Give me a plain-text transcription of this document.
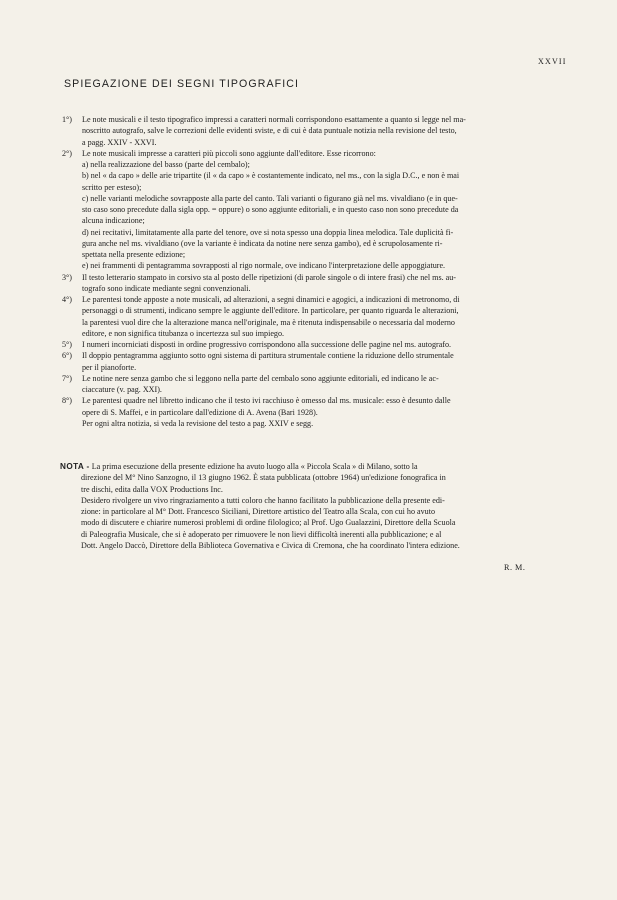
XXVII
SPIEGAZIONE DEI SEGNI TIPOGRAFICI
1°) Le note musicali e il testo tipografico impressi a caratteri normali corrispondono esattamente a quanto si legge nel ma-

noscritto autografo, salve le correzioni delle evidenti sviste, e di cui è data puntuale notizia nella revisione del testo,

a pagg. XXIV - XXVI.

2°) Le note musicali impresse a caratteri più piccoli sono aggiunte dall'editore. Esse ricorrono:

a) nella realizzazione del basso (parte del cembalo);

b) nel « da capo » delle arie tripartite (il « da capo » è costantemente indicato, nel ms., con la sigla D.C., e non è mai

scritto per esteso);

c) nelle varianti melodiche sovrapposte alla parte del canto. Tali varianti o figurano già nel ms. vivaldiano (e in que-

sto caso sono precedute dalla sigla opp. = oppure) o sono aggiunte editoriali, e in questo caso non sono precedute da

alcuna indicazione;

d) nei recitativi, limitatamente alla parte del tenore, ove si nota spesso una doppia linea melodica. Tale duplicità fi-

gura anche nel ms. vivaldiano (ove la variante è indicata da notine nere senza gambo), ed è scrupolosamente ri-

spettata nella presente edizione;

e) nei frammenti di pentagramma sovrapposti al rigo normale, ove indicano l'interpretazione delle appoggiature.

3°) Il testo letterario stampato in corsivo sta al posto delle ripetizioni (di parole singole o di intere frasi) che nel ms. au-

tografo sono indicate mediante segni convenzionali.

4°) Le parentesi tonde apposte a note musicali, ad alterazioni, a segni dinamici e agogici, a indicazioni di metronomo, di

personaggi o di strumenti, indicano sempre le aggiunte dell'editore. In particolare, per quanto riguarda le alterazioni,

la parentesi vuol dire che la alterazione manca nell'originale, ma è ritenuta indispensabile o necessaria dal moderno

editore, e non significa titubanza o incertezza sul suo impiego.

5°) I numeri incorniciati disposti in ordine progressivo corrispondono alla successione delle pagine nel ms. autografo.

6°) Il doppio pentagramma aggiunto sotto ogni sistema di partitura strumentale contiene la riduzione dello strumentale

per il pianoforte.

7°) Le notine nere senza gambo che si leggono nella parte del cembalo sono aggiunte editoriali, ed indicano le ac-

ciaccature (v. pag. XXI).

8°) Le parentesi quadre nel libretto indicano che il testo ivi racchiuso è omesso dal ms. musicale: esso è desunto dalle

opere di S. Maffei, e in particolare dall'edizione di A. Avena (Bari 1928).

Per ogni altra notizia, si veda la revisione del testo a pag. XXIV e segg.

NOTA - La prima esecuzione della presente edizione ha avuto luogo alla « Piccola Scala » di Milano, sotto la

direzione del M° Nino Sanzogno, il 13 giugno 1962. È stata pubblicata (ottobre 1964) un'edizione fonografica in

tre dischi, edita dalla VOX Productions Inc.

Desidero rivolgere un vivo ringraziamento a tutti coloro che hanno facilitato la pubblicazione della presente edi-

zione: in particolare al M° Dott. Francesco Siciliani, Direttore artistico del Teatro alla Scala, con cui ho avuto

modo di discutere e chiarire numerosi problemi di ordine filologico; al Prof. Ugo Gualazzini, Direttore della Scuola

di Paleografia Musicale, che si è adoperato per rimuovere le non lievi difficoltà inerenti alla pubblicazione; e al

Dott. Angelo Daccò, Direttore della Biblioteca Governativa e Civica di Cremona, che ha coordinato l'intera edizione.

R. M.
